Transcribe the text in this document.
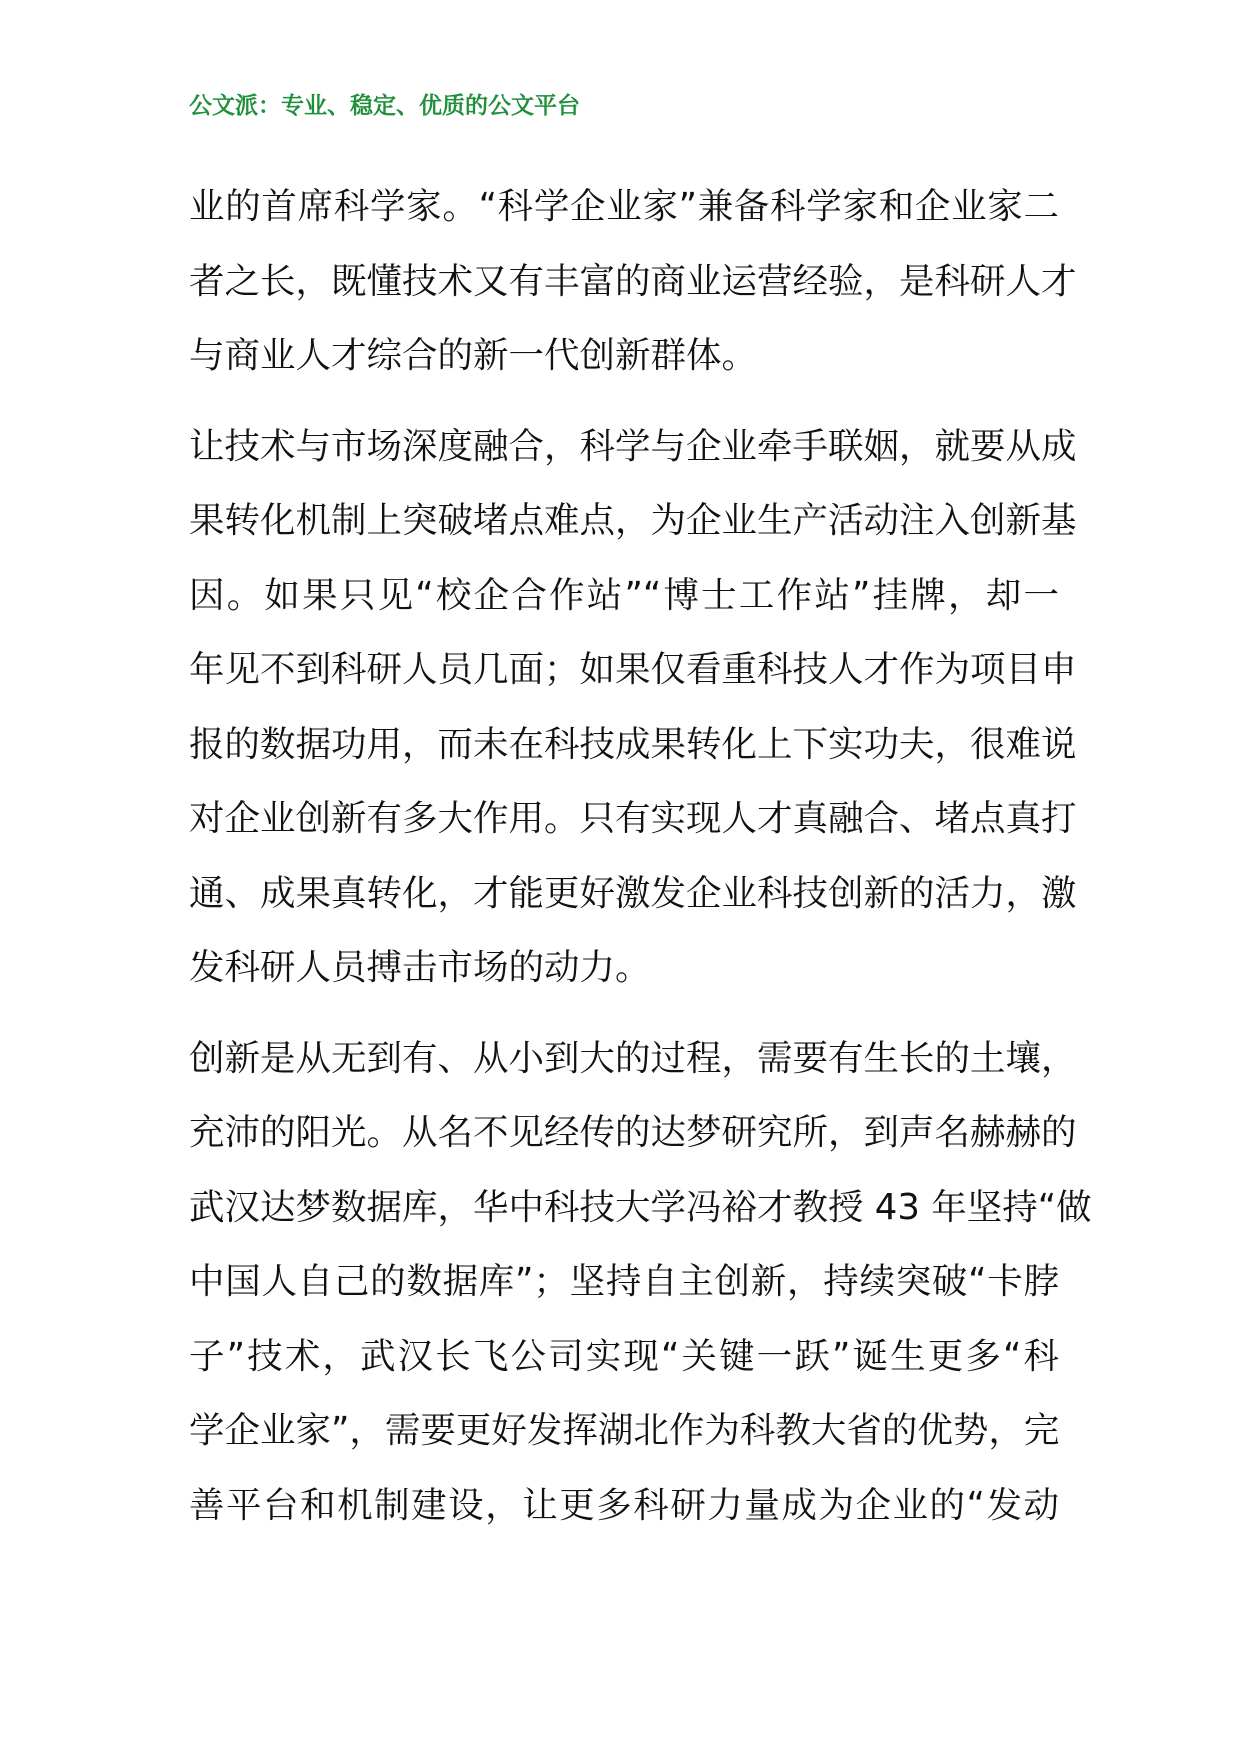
公文派：专业、稳定、优质的公文平台
业的首席科学家。“科学企业家”兼备科学家和企业家二
者之长，既懂技术又有丰富的商业运营经验，是科研人才
与商业人才综合的新一代创新群体。
让技术与市场深度融合，科学与企业牵手联姻，就要从成
果转化机制上突破堵点难点，为企业生产活动注入创新基
因。如果只见“校企合作站”“博士工作站”挂牌，却一
年见不到科研人员几面；如果仅看重科技人才作为项目申
报的数据功用，而未在科技成果转化上下实功夫，很难说
对企业创新有多大作用。只有实现人才真融合、堵点真打
通、成果真转化，才能更好激发企业科技创新的活力，激
发科研人员搏击市场的动力。
创新是从无到有、从小到大的过程，需要有生长的土壤，
充沛的阳光。从名不见经传的达梦研究所，到声名赫赫的
武汉达梦数据库，华中科技大学冯裕才教授 43 年坚持“做
中国人自己的数据库”；坚持自主创新，持续突破“卡脖
子”技术，武汉长飞公司实现“关键一跃”诞生更多“科
学企业家”，需要更好发挥湖北作为科教大省的优势，完
善平台和机制建设，让更多科研力量成为企业的“发动
